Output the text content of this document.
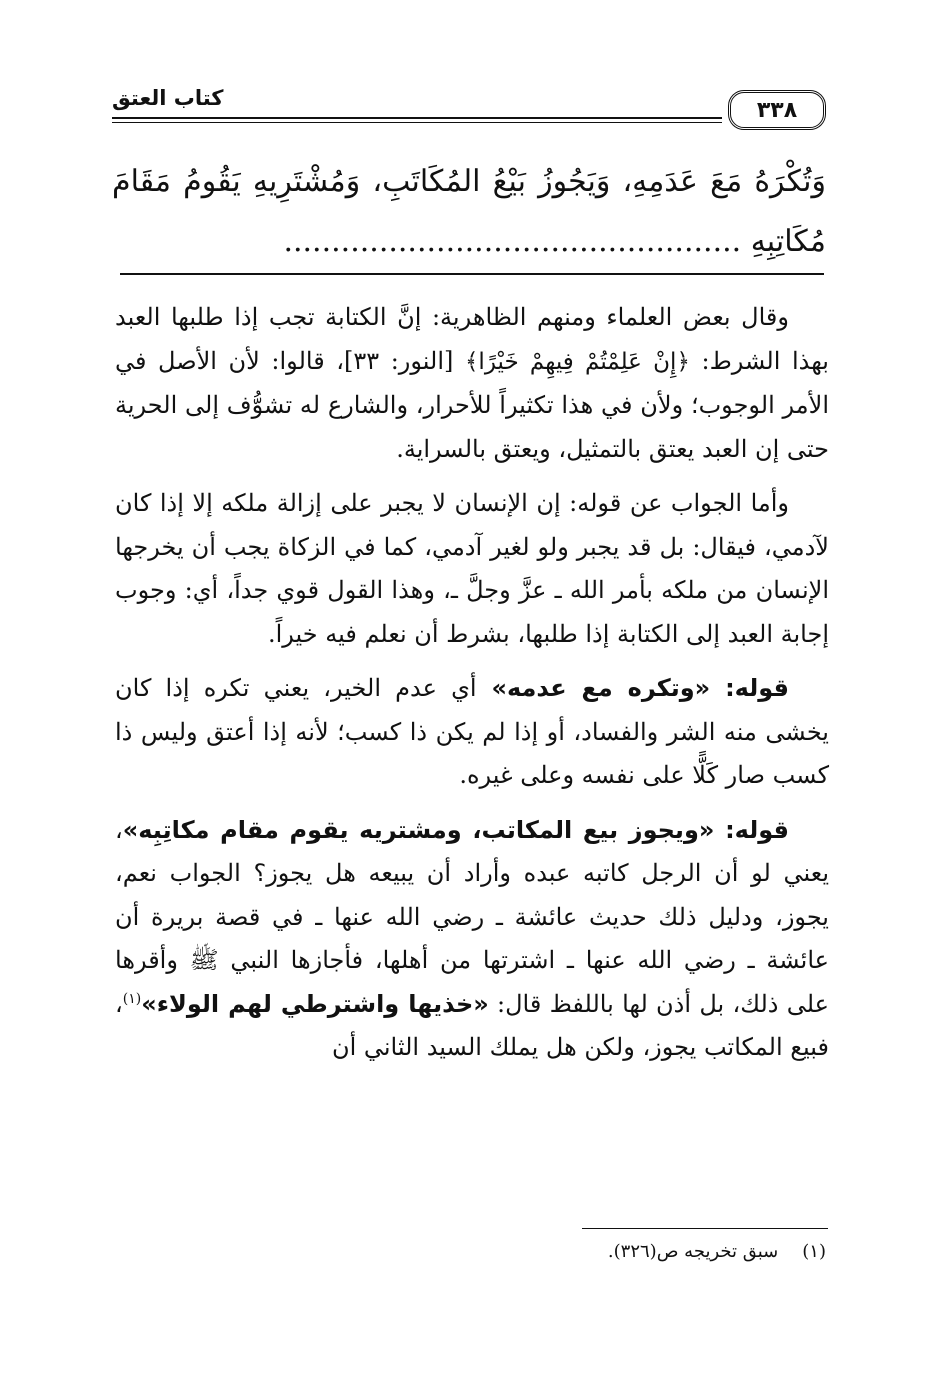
٣٣٨
كتاب العتق
وَتُكْرَهُ مَعَ عَدَمِهِ، وَيَجُوزُ بَيْعُ المُكَاتَبِ، وَمُشْتَرِيهِ يَقُومُ مَقَامَ مُكَاتِبِهِ ................................................

وقال بعض العلماء ومنهم الظاهرية: إنَّ الكتابة تجب إذا طلبها العبد بهذا الشرط: ﴿إِنْ عَلِمْتُمْ فِيهِمْ خَيْرًا﴾ [النور: ٣٣]، قالوا: لأن الأصل في الأمر الوجوب؛ ولأن في هذا تكثيراً للأحرار، والشارع له تشوُّف إلى الحرية حتى إن العبد يعتق بالتمثيل، ويعتق بالسراية.

وأما الجواب عن قوله: إن الإنسان لا يجبر على إزالة ملكه إلا إذا كان لآدمي، فيقال: بل قد يجبر ولو لغير آدمي، كما في الزكاة يجب أن يخرجها الإنسان من ملكه بأمر الله ـ عزَّ وجلَّ ـ، وهذا القول قوي جداً، أي: وجوب إجابة العبد إلى الكتابة إذا طلبها، بشرط أن نعلم فيه خيراً.

قوله: «وتكره مع عدمه» أي عدم الخير، يعني تكره إذا كان يخشى منه الشر والفساد، أو إذا لم يكن ذا كسب؛ لأنه إذا أعتق وليس ذا كسب صار كَلًّا على نفسه وعلى غيره.

قوله: «ويجوز بيع المكاتب، ومشتريه يقوم مقام مكاتِبِه»، يعني لو أن الرجل كاتبه عبده وأراد أن يبيعه هل يجوز؟ الجواب نعم، يجوز، ودليل ذلك حديث عائشة ـ رضي الله عنها ـ في قصة بريرة أن عائشة ـ رضي الله عنها ـ اشترتها من أهلها، فأجازها النبي ﷺ وأقرها على ذلك، بل أذن لها باللفظ قال: «خذيها واشترطي لهم الولاء»$^{(١)}$، فبيع المكاتب يجوز، ولكن هل يملك السيد الثاني أن

(١)سبق تخريجه ص(٣٢٦).
